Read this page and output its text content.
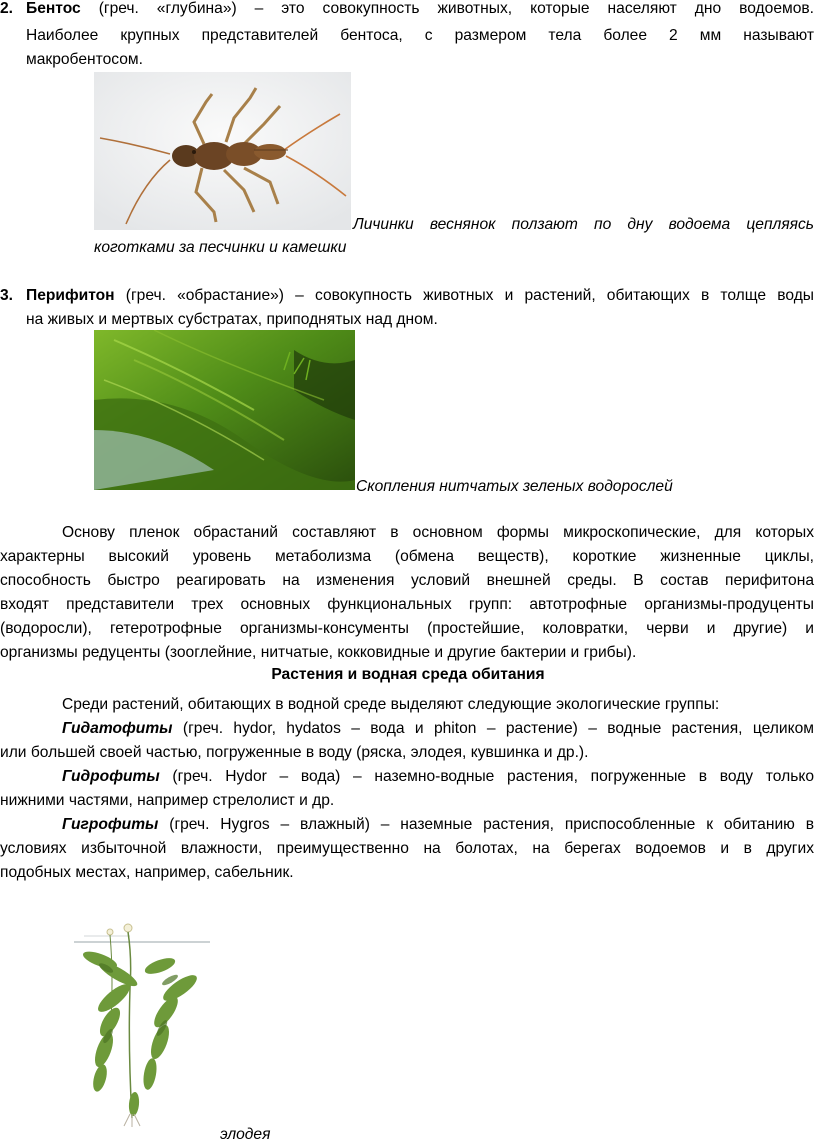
2. Бентос (греч. «глубина») – это совокупность животных, которые населяют дно водоемов.
Наиболее крупных представителей бентоса, с размером тела более 2 мм называют
макробентосом.
Личинки веснянок ползают по дну водоема цепляясь
коготками за песчинки и камешки
3. Перифитон (греч. «обрастание») – совокупность животных и растений, обитающих в толще воды
на живых и мертвых субстратах, приподнятых над дном.
Скопления нитчатых зеленых водорослей
Основу пленок обрастаний составляют в основном формы микроскопические, для которых
характерны высокий уровень метаболизма (обмена веществ), короткие жизненные циклы,
способность быстро реагировать на изменения условий внешней среды. В состав перифитона
входят представители трех основных функциональных групп: автотрофные организмы-продуценты
(водоросли), гетеротрофные организмы-консументы (простейшие, коловратки, черви и другие) и
организмы редуценты (зооглейние, нитчатые, кокковидные и другие бактерии и грибы).
Растения и водная среда обитания
Среди растений, обитающих в водной среде выделяют следующие экологические группы:
Гидатофиты (греч. hydor, hydatos – вода и phiton – растение) – водные растения, целиком
или большей своей частью, погруженные в воду (ряска, элодея, кувшинка и др.).
Гидрофиты (греч. Hydor – вода) – наземно-водные растения, погруженные в воду только
нижними частями, например стрелолист и др.
Гигрофиты (греч. Hygros – влажный) – наземные растения, приспособленные к обитанию в
условиях избыточной влажности, преимущественно на болотах, на берегах водоемов и в других
подобных местах, например, сабельник.
элодея
